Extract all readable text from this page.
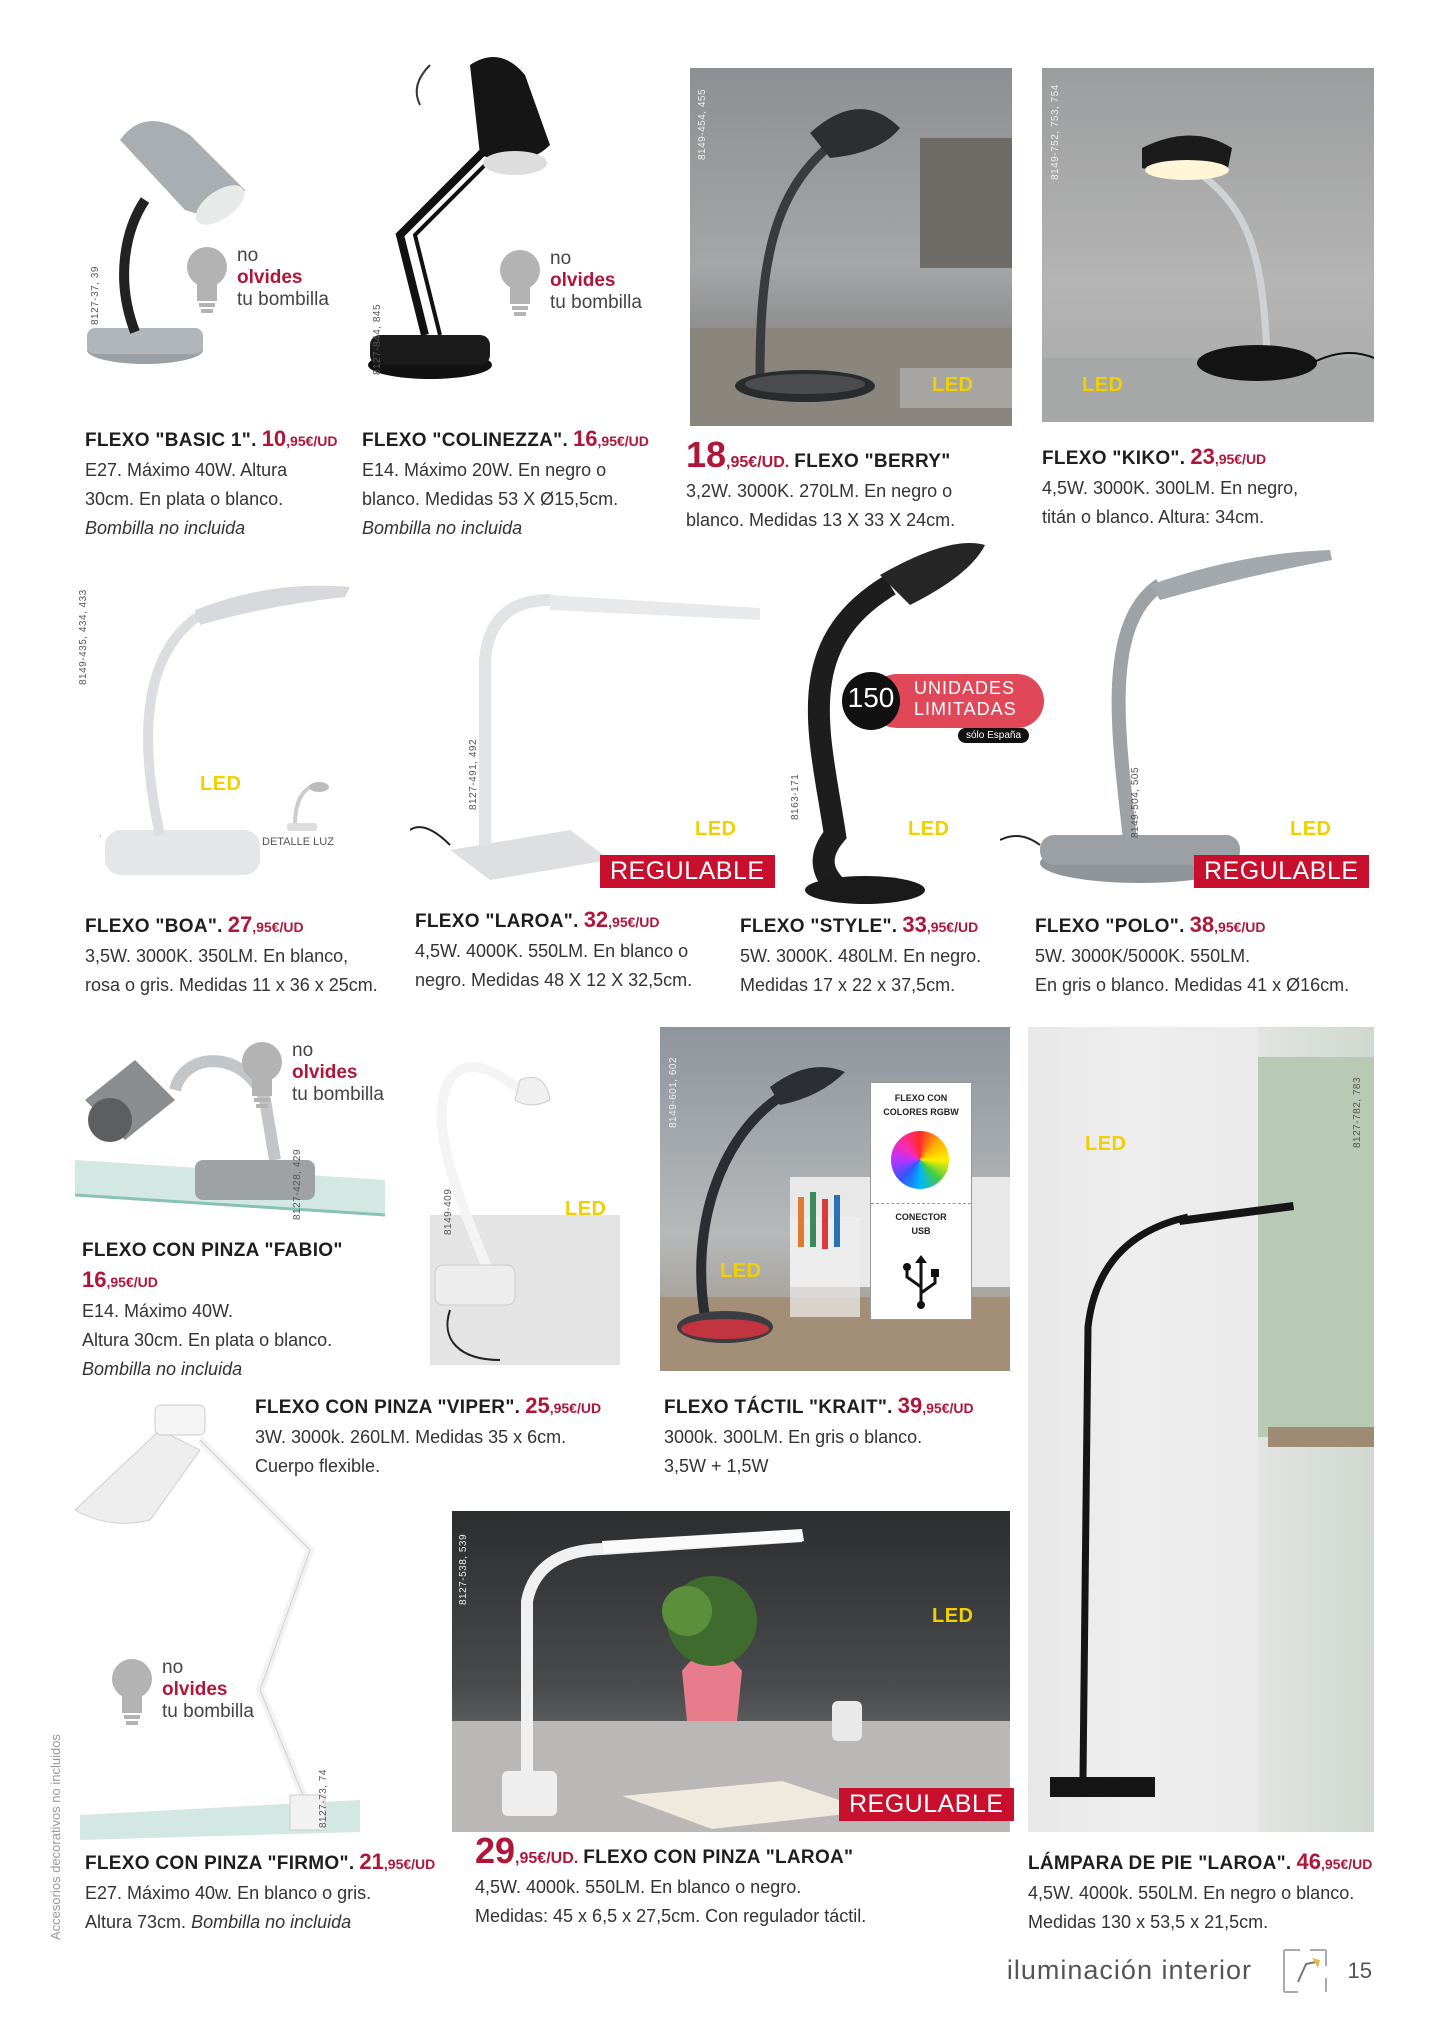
no
olvides
tu bombilla
8127-37, 39
no
olvides
tu bombilla
8127-844, 845
LED
8149-454, 455
LED
8149-752, 753, 754
FLEXO "BASIC 1". 10,95€/UD
E27. Máximo 40W. Altura
30cm. En plata o blanco.
Bombilla no incluida
FLEXO "COLINEZZA". 16,95€/UD
E14. Máximo 20W. En negro o
blanco. Medidas 53 X Ø15,5cm.
Bombilla no incluida
18,95€/UD. FLEXO "BERRY"
3,2W. 3000K. 270LM. En negro o
blanco. Medidas 13 X 33 X 24cm.
FLEXO "KIKO". 23,95€/UD
4,5W. 3000K. 300LM. En negro,
titán o blanco. Altura: 34cm.
DETALLE LUZ
LED
8149-435, 434, 433
LED
REGULABLE
8127-491, 492
LED
8163-171
150	UNIDADES
LIMITADAS
sólo España
LED
REGULABLE
8149-504, 505
FLEXO "BOA". 27,95€/UD
3,5W. 3000K. 350LM. En blanco,
rosa o gris. Medidas 11 x 36 x 25cm.
FLEXO "LAROA". 32,95€/UD
4,5W. 4000K. 550LM. En blanco o
negro. Medidas 48 X 12 X 32,5cm.
FLEXO "STYLE". 33,95€/UD
5W. 3000K. 480LM. En negro.
Medidas 17 x 22 x 37,5cm.
FLEXO "POLO". 38,95€/UD
5W. 3000K/5000K. 550LM.
En gris o blanco. Medidas 41 x Ø16cm.
no
olvides
tu bombilla
8127-428, 429	LED
8149-409
LED
8149-601, 602	FLEXO CON
COLORES RGBW
CONECTOR
USB
LED	8127-782, 783
FLEXO CON PINZA "FABIO"
16,95€/UD
E14. Máximo 40W.
Altura 30cm. En plata o blanco.
Bombilla no incluida
FLEXO CON PINZA "VIPER". 25,95€/UD
3W. 3000k. 260LM. Medidas 35 x 6cm.
Cuerpo flexible.
FLEXO TÁCTIL "KRAIT". 39,95€/UD
3000k. 300LM. En gris o blanco.
3,5W + 1,5W
no
olvides
tu bombilla
8127-73, 74
LED
REGULABLE
8127-538, 539
FLEXO CON PINZA "FIRMO". 21,95€/UD
E27. Máximo 40w. En blanco o gris.
Altura 73cm. Bombilla no incluida
29,95€/UD. FLEXO CON PINZA "LAROA"
4,5W. 4000k. 550LM. En blanco o negro.
Medidas: 45 x 6,5 x 27,5cm. Con regulador táctil.
LÁMPARA DE PIE "LAROA". 46,95€/UD
4,5W. 4000k. 550LM. En negro o blanco.
Medidas 130 x 53,5 x 21,5cm.
Accesorios decorativos no incluidos
iluminación interior	15
